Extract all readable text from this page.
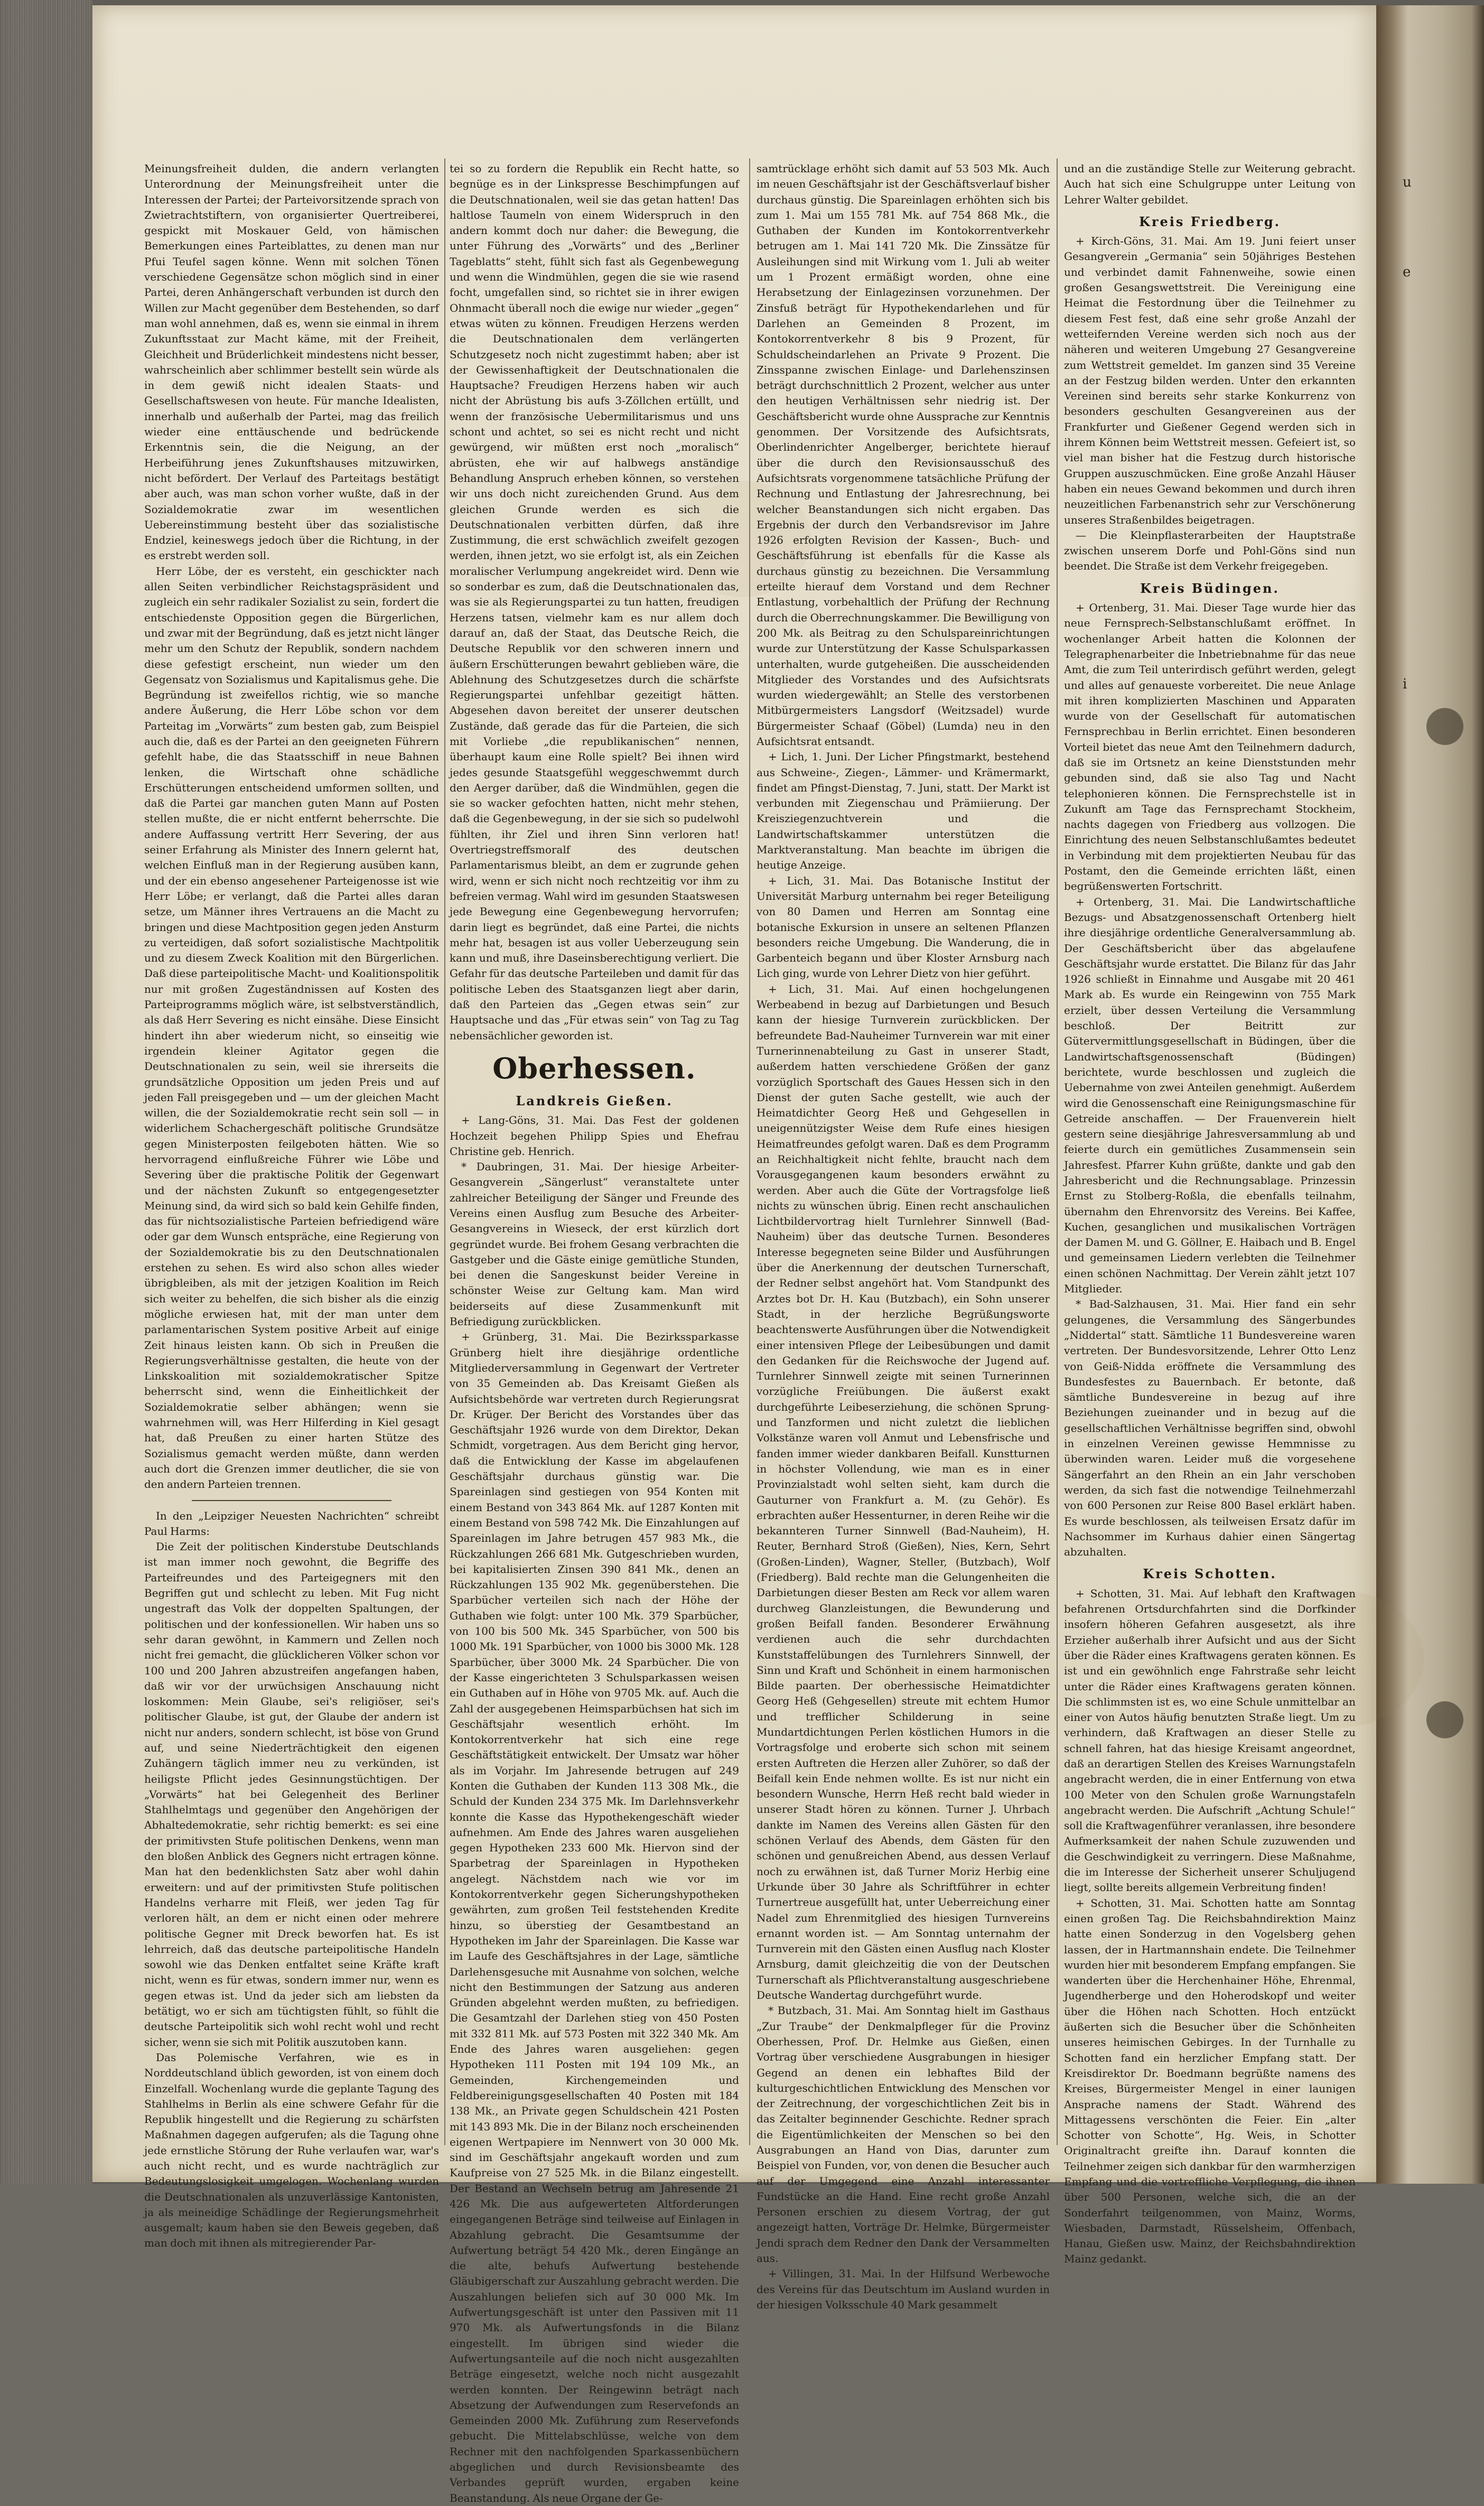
u
e
i

Meinungsfreiheit dulden, die andern verlangten Unterordnung der Meinungsfreiheit unter die Interessen der Partei; der Parteivorsitzende sprach von Zwietrachtstiftern, von organisierter Quertreiberei, gespickt mit Moskauer Geld, von hämischen Bemerkungen eines Parteiblattes, zu denen man nur Pfui Teufel sagen könne. Wenn mit solchen Tönen verschiedene Gegensätze schon möglich sind in einer Partei, deren Anhängerschaft verbunden ist durch den Willen zur Macht gegenüber dem Bestehenden, so darf man wohl annehmen, daß es, wenn sie einmal in ihrem Zukunftsstaat zur Macht käme, mit der Freiheit, Gleichheit und Brüderlichkeit mindestens nicht besser, wahrscheinlich aber schlimmer bestellt sein würde als in dem gewiß nicht idealen Staats- und Gesellschaftswesen von heute. Für manche Idealisten, innerhalb und außerhalb der Partei, mag das freilich wieder eine enttäuschende und bedrückende Erkenntnis sein, die die Neigung, an der Herbeiführung jenes Zukunftshauses mitzuwirken, nicht befördert. Der Verlauf des Parteitags bestätigt aber auch, was man schon vorher wußte, daß in der Sozialdemokratie zwar im wesentlichen Uebereinstimmung besteht über das sozialistische Endziel, keineswegs jedoch über die Richtung, in der es erstrebt werden soll.

Herr Löbe, der es versteht, ein geschickter nach allen Seiten verbindlicher Reichstagspräsident und zugleich ein sehr radikaler Sozialist zu sein, fordert die entschiedenste Opposition gegen die Bürgerlichen, und zwar mit der Begründung, daß es jetzt nicht länger mehr um den Schutz der Republik, sondern nachdem diese gefestigt erscheint, nun wieder um den Gegensatz von Sozialismus und Kapitalismus gehe. Die Begründung ist zweifellos richtig, wie so manche andere Äußerung, die Herr Löbe schon vor dem Parteitag im „Vorwärts“ zum besten gab, zum Beispiel auch die, daß es der Partei an den geeigneten Führern gefehlt habe, die das Staatsschiff in neue Bahnen lenken, die Wirtschaft ohne schädliche Erschütterungen entscheidend umformen sollten, und daß die Partei gar manchen guten Mann auf Posten stellen mußte, die er nicht entfernt beherrschte. Die andere Auffassung vertritt Herr Severing, der aus seiner Erfahrung als Minister des Innern gelernt hat, welchen Einfluß man in der Regierung ausüben kann, und der ein ebenso angesehener Parteigenosse ist wie Herr Löbe; er verlangt, daß die Partei alles daran setze, um Männer ihres Vertrauens an die Macht zu bringen und diese Machtposition gegen jeden Ansturm zu verteidigen, daß sofort sozialistische Machtpolitik und zu diesem Zweck Koalition mit den Bürgerlichen. Daß diese parteipolitische Macht- und Koalitionspolitik nur mit großen Zugeständnissen auf Kosten des Parteiprogramms möglich wäre, ist selbstverständlich, als daß Herr Severing es nicht einsähe. Diese Einsicht hindert ihn aber wiederum nicht, so einseitig wie irgendein kleiner Agitator gegen die Deutschnationalen zu sein, weil sie ihrerseits die grundsätzliche Opposition um jeden Preis und auf jeden Fall preisgegeben und — um der gleichen Macht willen, die der Sozialdemokratie recht sein soll — in widerlichem Schachergeschäft politische Grundsätze gegen Ministerposten feilgeboten hätten. Wie so hervorragend einflußreiche Führer wie Löbe und Severing über die praktische Politik der Gegenwart und der nächsten Zukunft so entgegengesetzter Meinung sind, da wird sich so bald kein Gehilfe finden, das für nichtsozialistische Parteien befriedigend wäre oder gar dem Wunsch entspräche, eine Regierung von der Sozialdemokratie bis zu den Deutschnationalen erstehen zu sehen. Es wird also schon alles wieder übrigbleiben, als mit der jetzigen Koalition im Reich sich weiter zu behelfen, die sich bisher als die einzig mögliche erwiesen hat, mit der man unter dem parlamentarischen System positive Arbeit auf einige Zeit hinaus leisten kann. Ob sich in Preußen die Regierungsverhältnisse gestalten, die heute von der Linkskoalition mit sozialdemokratischer Spitze beherrscht sind, wenn die Einheitlichkeit der Sozialdemokratie selber abhängen; wenn sie wahrnehmen will, was Herr Hilferding in Kiel gesagt hat, daß Preußen zu einer harten Stütze des Sozialismus gemacht werden müßte, dann werden auch dort die Grenzen immer deutlicher, die sie von den andern Parteien trennen.

In den „Leipziger Neuesten Nachrichten“ schreibt Paul Harms:

Die Zeit der politischen Kinderstube Deutschlands ist man immer noch gewohnt, die Begriffe des Parteifreundes und des Parteigegners mit den Begriffen gut und schlecht zu leben. Mit Fug nicht ungestraft das Volk der doppelten Spaltungen, der politischen und der konfessionellen. Wir haben uns so sehr daran gewöhnt, in Kammern und Zellen noch nicht frei gemacht, die glücklicheren Völker schon vor 100 und 200 Jahren abzustreifen angefangen haben, daß wir vor der urwüchsigen Anschauung nicht loskommen: Mein Glaube, sei's religiöser, sei's politischer Glaube, ist gut, der Glaube der andern ist nicht nur anders, sondern schlecht, ist böse von Grund auf, und seine Niederträchtigkeit den eigenen Zuhängern täglich immer neu zu verkünden, ist heiligste Pflicht jedes Gesinnungstüchtigen. Der „Vorwärts“ hat bei Gelegenheit des Berliner Stahlhelmtags und gegenüber den Angehörigen der Abhaltedemokratie, sehr richtig bemerkt: es sei eine der primitivsten Stufe politischen Denkens, wenn man den bloßen Anblick des Gegners nicht ertragen könne. Man hat den bedenklichsten Satz aber wohl dahin erweitern: und auf der primitivsten Stufe politischen Handelns verharre mit Fleiß, wer jeden Tag für verloren hält, an dem er nicht einen oder mehrere politische Gegner mit Dreck beworfen hat. Es ist lehrreich, daß das deutsche parteipolitische Handeln sowohl wie das Denken entfaltet seine Kräfte kraft nicht, wenn es für etwas, sondern immer nur, wenn es gegen etwas ist. Und da jeder sich am liebsten da betätigt, wo er sich am tüchtigsten fühlt, so fühlt die deutsche Parteipolitik sich wohl recht wohl und recht sicher, wenn sie sich mit Politik auszutoben kann.

Das Polemische Verfahren, wie es in Norddeutschland üblich geworden, ist von einem doch Einzelfall. Wochenlang wurde die geplante Tagung des Stahlhelms in Berlin als eine schwere Gefahr für die Republik hingestellt und die Regierung zu schärfsten Maßnahmen dagegen aufgerufen; als die Tagung ohne jede ernstliche Störung der Ruhe verlaufen war, war's auch nicht recht, und es wurde nachträglich zur Bedeutungslosigkeit umgelogen. Wochenlang wurden die Deutschnationalen als unzuverlässige Kantonisten, ja als meineidige Schädlinge der Regierungsmehrheit ausgemalt; kaum haben sie den Beweis gegeben, daß man doch mit ihnen als mitregierender Par-

tei so zu fordern die Republik ein Recht hatte, so begnüge es in der Linkspresse Beschimpfungen auf die Deutschnationalen, weil sie das getan hatten! Das haltlose Taumeln von einem Widerspruch in den andern kommt doch nur daher: die Bewegung, die unter Führung des „Vorwärts“ und des „Berliner Tageblatts“ steht, fühlt sich fast als Gegenbewegung und wenn die Windmühlen, gegen die sie wie rasend focht, umgefallen sind, so richtet sie in ihrer ewigen Ohnmacht überall noch die ewige nur wieder „gegen“ etwas wüten zu können. Freudigen Herzens werden die Deutschnationalen dem verlängerten Schutzgesetz noch nicht zugestimmt haben; aber ist der Gewissenhaftigkeit der Deutschnationalen die Hauptsache? Freudigen Herzens haben wir auch nicht der Abrüstung bis aufs 3-Zöllchen ertüllt, und wenn der französische Uebermilitarismus und uns schont und achtet, so sei es nicht recht und nicht gewürgend, wir müßten erst noch „moralisch“ abrüsten, ehe wir auf halbwegs anständige Behandlung Anspruch erheben können, so verstehen wir uns doch nicht zureichenden Grund. Aus dem gleichen Grunde werden es sich die Deutschnationalen verbitten dürfen, daß ihre Zustimmung, die erst schwächlich zweifelt gezogen werden, ihnen jetzt, wo sie erfolgt ist, als ein Zeichen moralischer Verlumpung angekreidet wird. Denn wie so sonderbar es zum, daß die Deutschnationalen das, was sie als Regierungspartei zu tun hatten, freudigen Herzens tatsen, vielmehr kam es nur allem doch darauf an, daß der Staat, das Deutsche Reich, die Deutsche Republik vor den schweren innern und äußern Erschütterungen bewahrt geblieben wäre, die Ablehnung des Schutzgesetzes durch die schärfste Regierungspartei unfehlbar gezeitigt hätten. Abgesehen davon bereitet der unserer deutschen Zustände, daß gerade das für die Parteien, die sich mit Vorliebe „die republikanischen“ nennen, überhaupt kaum eine Rolle spielt? Bei ihnen wird jedes gesunde Staatsgefühl weggeschwemmt durch den Aerger darüber, daß die Windmühlen, gegen die sie so wacker gefochten hatten, nicht mehr stehen, daß die Gegenbewegung, in der sie sich so pudelwohl fühlten, ihr Ziel und ihren Sinn verloren hat! Overtriegstreffsmoralf des deutschen Parlamentarismus bleibt, an dem er zugrunde gehen wird, wenn er sich nicht noch rechtzeitig vor ihm zu befreien vermag. Wahl wird im gesunden Staatswesen jede Bewegung eine Gegenbewegung hervorrufen; darin liegt es begründet, daß eine Partei, die nichts mehr hat, besagen ist aus voller Ueberzeugung sein kann und muß, ihre Daseinsberechtigung verliert. Die Gefahr für das deutsche Parteileben und damit für das politische Leben des Staatsganzen liegt aber darin, daß den Parteien das „Gegen etwas sein“ zur Hauptsache und das „Für etwas sein“ von Tag zu Tag nebensächlicher geworden ist.

Oberhessen.
Landkreis Gießen.

+ Lang-Göns, 31. Mai. Das Fest der goldenen Hochzeit begehen Philipp Spies und Ehefrau Christine geb. Henrich.

* Daubringen, 31. Mai. Der hiesige Arbeiter-Gesangverein „Sängerlust“ veranstaltete unter zahlreicher Beteiligung der Sänger und Freunde des Vereins einen Ausflug zum Besuche des Arbeiter-Gesangvereins in Wieseck, der erst kürzlich dort gegründet wurde. Bei frohem Gesang verbrachten die Gastgeber und die Gäste einige gemütliche Stunden, bei denen die Sangeskunst beider Vereine in schönster Weise zur Geltung kam. Man wird beiderseits auf diese Zusammenkunft mit Befriedigung zurückblicken.

+ Grünberg, 31. Mai. Die Bezirkssparkasse Grünberg hielt ihre diesjährige ordentliche Mitgliederversammlung in Gegenwart der Vertreter von 35 Gemeinden ab. Das Kreisamt Gießen als Aufsichtsbehörde war vertreten durch Regierungsrat Dr. Krüger. Der Bericht des Vorstandes über das Geschäftsjahr 1926 wurde von dem Direktor, Dekan Schmidt, vorgetragen. Aus dem Bericht ging hervor, daß die Entwicklung der Kasse im abgelaufenen Geschäftsjahr durchaus günstig war. Die Spareinlagen sind gestiegen von 954 Konten mit einem Bestand von 343 864 Mk. auf 1287 Konten mit einem Bestand von 598 742 Mk. Die Einzahlungen auf Spareinlagen im Jahre betrugen 457 983 Mk., die Rückzahlungen 266 681 Mk. Gutgeschrieben wurden, bei kapitalisierten Zinsen 390 841 Mk., denen an Rückzahlungen 135 902 Mk. gegenüberstehen. Die Sparbücher verteilen sich nach der Höhe der Guthaben wie folgt: unter 100 Mk. 379 Sparbücher, von 100 bis 500 Mk. 345 Sparbücher, von 500 bis 1000 Mk. 191 Sparbücher, von 1000 bis 3000 Mk. 128 Sparbücher, über 3000 Mk. 24 Sparbücher. Die von der Kasse eingerichteten 3 Schulsparkassen weisen ein Guthaben auf in Höhe von 9705 Mk. auf. Auch die Zahl der ausgegebenen Heimsparbüchsen hat sich im Geschäftsjahr wesentlich erhöht. Im Kontokorrentverkehr hat sich eine rege Geschäftstätigkeit entwickelt. Der Umsatz war höher als im Vorjahr. Im Jahresende betrugen auf 249 Konten die Guthaben der Kunden 113 308 Mk., die Schuld der Kunden 234 375 Mk. Im Darlehnsverkehr konnte die Kasse das Hypothekengeschäft wieder aufnehmen. Am Ende des Jahres waren ausgeliehen gegen Hypotheken 233 600 Mk. Hiervon sind der Sparbetrag der Spareinlagen in Hypotheken angelegt. Nächstdem nach wie vor im Kontokorrentverkehr gegen Sicherungshypotheken gewährten, zum großen Teil feststehenden Kredite hinzu, so überstieg der Gesamtbestand an Hypotheken im Jahr der Spareinlagen. Die Kasse war im Laufe des Geschäftsjahres in der Lage, sämtliche Darlehensgesuche mit Ausnahme von solchen, welche nicht den Bestimmungen der Satzung aus anderen Gründen abgelehnt werden mußten, zu befriedigen. Die Gesamtzahl der Darlehen stieg von 450 Posten mit 332 811 Mk. auf 573 Posten mit 322 340 Mk. Am Ende des Jahres waren ausgeliehen: gegen Hypotheken 111 Posten mit 194 109 Mk., an Gemeinden, Kirchengemeinden und Feldbereinigungsgesellschaften 40 Posten mit 184 138 Mk., an Private gegen Schuldschein 421 Posten mit 143 893 Mk. Die in der Bilanz noch erscheinenden eigenen Wertpapiere im Nennwert von 30 000 Mk. sind im Geschäftsjahr angekauft worden und zum Kaufpreise von 27 525 Mk. in die Bilanz eingestellt. Der Bestand an Wechseln betrug am Jahresende 21 426 Mk. Die aus aufgewerteten Altforderungen eingegangenen Beträge sind teilweise auf Einlagen in Abzahlung gebracht. Die Gesamtsumme der Aufwertung beträgt 54 420 Mk., deren Eingänge an die alte, behufs Aufwertung bestehende Gläubigerschaft zur Auszahlung gebracht werden. Die Auszahlungen beliefen sich auf 30 000 Mk. Im Aufwertungsgeschäft ist unter den Passiven mit 11 970 Mk. als Aufwertungsfonds in die Bilanz eingestellt. Im übrigen sind wieder die Aufwertungsanteile auf die noch nicht ausgezahlten Beträge eingesetzt, welche noch nicht ausgezahlt werden konnten. Der Reingewinn beträgt nach Absetzung der Aufwendungen zum Reservefonds an Gemeinden 2000 Mk. Zuführung zum Reservefonds gebucht. Die Mittelabschlüsse, welche von dem Rechner mit den nachfolgenden Sparkassenbüchern abgeglichen und durch Revisionsbeamte des Verbandes geprüft wurden, ergaben keine Beanstandung. Als neue Organe der Ge-

samtrücklage erhöht sich damit auf 53 503 Mk. Auch im neuen Geschäftsjahr ist der Geschäftsverlauf bisher durchaus günstig. Die Spareinlagen erhöhten sich bis zum 1. Mai um 155 781 Mk. auf 754 868 Mk., die Guthaben der Kunden im Kontokorrentverkehr betrugen am 1. Mai 141 720 Mk. Die Zinssätze für Ausleihungen sind mit Wirkung vom 1. Juli ab weiter um 1 Prozent ermäßigt worden, ohne eine Herabsetzung der Einlagezinsen vorzunehmen. Der Zinsfuß beträgt für Hypothekendarlehen und für Darlehen an Gemeinden 8 Prozent, im Kontokorrentverkehr 8 bis 9 Prozent, für Schuldscheindarlehen an Private 9 Prozent. Die Zinsspanne zwischen Einlage- und Darlehenszinsen beträgt durchschnittlich 2 Prozent, welcher aus unter den heutigen Verhältnissen sehr niedrig ist. Der Geschäftsbericht wurde ohne Aussprache zur Kenntnis genommen. Der Vorsitzende des Aufsichtsrats, Oberlindenrichter Angelberger, berichtete hierauf über die durch den Revisionsausschuß des Aufsichtsrats vorgenommene tatsächliche Prüfung der Rechnung und Entlastung der Jahresrechnung, bei welcher Beanstandungen sich nicht ergaben. Das Ergebnis der durch den Verbandsrevisor im Jahre 1926 erfolgten Revision der Kassen-, Buch- und Geschäftsführung ist ebenfalls für die Kasse als durchaus günstig zu bezeichnen. Die Versammlung erteilte hierauf dem Vorstand und dem Rechner Entlastung, vorbehaltlich der Prüfung der Rechnung durch die Oberrechnungskammer. Die Bewilligung von 200 Mk. als Beitrag zu den Schulspareinrichtungen wurde zur Unterstützung der Kasse Schulsparkassen unterhalten, wurde gutgeheißen. Die ausscheidenden Mitglieder des Vorstandes und des Aufsichtsrats wurden wiedergewählt; an Stelle des verstorbenen Mitbürgermeisters Langsdorf (Weitzsadel) wurde Bürgermeister Schaaf (Göbel) (Lumda) neu in den Aufsichtsrat entsandt.

+ Lich, 1. Juni. Der Licher Pfingstmarkt, bestehend aus Schweine-, Ziegen-, Lämmer- und Krämermarkt, findet am Pfingst-Dienstag, 7. Juni, statt. Der Markt ist verbunden mit Ziegenschau und Prämiierung. Der Kreisziegenzuchtverein und die Landwirtschaftskammer unterstützen die Marktveranstaltung. Man beachte im übrigen die heutige Anzeige.

+ Lich, 31. Mai. Das Botanische Institut der Universität Marburg unternahm bei reger Beteiligung von 80 Damen und Herren am Sonntag eine botanische Exkursion in unsere an seltenen Pflanzen besonders reiche Umgebung. Die Wanderung, die in Garbenteich begann und über Kloster Arnsburg nach Lich ging, wurde von Lehrer Dietz von hier geführt.

+ Lich, 31. Mai. Auf einen hochgelungenen Werbeabend in bezug auf Darbietungen und Besuch kann der hiesige Turnverein zurückblicken. Der befreundete Bad-Nauheimer Turnverein war mit einer Turnerinnenabteilung zu Gast in unserer Stadt, außerdem hatten verschiedene Größen der ganz vorzüglich Sportschaft des Gaues Hessen sich in den Dienst der guten Sache gestellt, wie auch der Heimatdichter Georg Heß und Gehgesellen in uneigennützigster Weise dem Rufe eines hiesigen Heimatfreundes gefolgt waren. Daß es dem Programm an Reichhaltigkeit nicht fehlte, braucht nach dem Vorausgegangenen kaum besonders erwähnt zu werden. Aber auch die Güte der Vortragsfolge ließ nichts zu wünschen übrig. Einen recht anschaulichen Lichtbildervortrag hielt Turnlehrer Sinnwell (Bad-Nauheim) über das deutsche Turnen. Besonderes Interesse begegneten seine Bilder und Ausführungen über die Anerkennung der deutschen Turnerschaft, der Redner selbst angehört hat. Vom Standpunkt des Arztes bot Dr. H. Kau (Butzbach), ein Sohn unserer Stadt, in der herzliche Begrüßungsworte beachtenswerte Ausführungen über die Notwendigkeit einer intensiven Pflege der Leibesübungen und damit den Gedanken für die Reichswoche der Jugend auf. Turnlehrer Sinnwell zeigte mit seinen Turnerinnen vorzügliche Freiübungen. Die äußerst exakt durchgeführte Leibeserziehung, die schönen Sprung- und Tanzformen und nicht zuletzt die lieblichen Volkstänze waren voll Anmut und Lebensfrische und fanden immer wieder dankbaren Beifall. Kunstturnen in höchster Vollendung, wie man es in einer Provinzialstadt wohl selten sieht, kam durch die Gauturner von Frankfurt a. M. (zu Gehör). Es erbrachten außer Hessenturner, in deren Reihe wir die bekannteren Turner Sinnwell (Bad-Nauheim), H. Reuter, Bernhard Stroß (Gießen), Nies, Kern, Sehrt (Großen-Linden), Wagner, Steller, (Butzbach), Wolf (Friedberg). Bald rechte man die Gelungenheiten die Darbietungen dieser Besten am Reck vor allem waren durchweg Glanzleistungen, die Bewunderung und großen Beifall fanden. Besonderer Erwähnung verdienen auch die sehr durchdachten Kunststaffelübungen des Turnlehrers Sinnwell, der Sinn und Kraft und Schönheit in einem harmonischen Bilde paarten. Der oberhessische Heimatdichter Georg Heß (Gehgesellen) streute mit echtem Humor und trefflicher Schilderung in seine Mundartdichtungen Perlen köstlichen Humors in die Vortragsfolge und eroberte sich schon mit seinem ersten Auftreten die Herzen aller Zuhörer, so daß der Beifall kein Ende nehmen wollte. Es ist nur nicht ein besondern Wunsche, Herrn Heß recht bald wieder in unserer Stadt hören zu können. Turner J. Uhrbach dankte im Namen des Vereins allen Gästen für den schönen Verlauf des Abends, dem Gästen für den schönen und genußreichen Abend, aus dessen Verlauf noch zu erwähnen ist, daß Turner Moriz Herbig eine Urkunde über 30 Jahre als Schriftführer in echter Turnertreue ausgefüllt hat, unter Ueberreichung einer Nadel zum Ehrenmitglied des hiesigen Turnvereins ernannt worden ist. — Am Sonntag unternahm der Turnverein mit den Gästen einen Ausflug nach Kloster Arnsburg, damit gleichzeitig die von der Deutschen Turnerschaft als Pflichtveranstaltung ausgeschriebene Deutsche Wandertag durchgeführt wurde.

* Butzbach, 31. Mai. Am Sonntag hielt im Gasthaus „Zur Traube“ der Denkmalpfleger für die Provinz Oberhessen, Prof. Dr. Helmke aus Gießen, einen Vortrag über verschiedene Ausgrabungen in hiesiger Gegend an denen ein lebhaftes Bild der kulturgeschichtlichen Entwicklung des Menschen vor der Zeitrechnung, der vorgeschichtlichen Zeit bis in das Zeitalter beginnender Geschichte. Redner sprach die Eigentümlichkeiten der Menschen so bei den Ausgrabungen an Hand von Dias, darunter zum Beispiel von Funden, vor, von denen die Besucher auch auf der Umgegend eine Anzahl interessanter Fundstücke an die Hand. Eine recht große Anzahl Personen erschien zu diesem Vortrag, der gut angezeigt hatten, Vorträge Dr. Helmke, Bürgermeister Jendi sprach dem Redner den Dank der Versammelten aus.

+ Villingen, 31. Mai. In der Hilfsund Werbewoche des Vereins für das Deutschtum im Ausland wurden in der hiesigen Volksschule 40 Mark gesammelt

und an die zuständige Stelle zur Weiterung gebracht. Auch hat sich eine Schulgruppe unter Leitung von Lehrer Walter gebildet.

Kreis Friedberg.

+ Kirch-Göns, 31. Mai. Am 19. Juni feiert unser Gesangverein „Germania“ sein 50jähriges Bestehen und verbindet damit Fahnenweihe, sowie einen großen Gesangswettstreit. Die Vereinigung eine Heimat die Festordnung über die Teilnehmer zu diesem Fest fest, daß eine sehr große Anzahl der wetteifernden Vereine werden sich noch aus der näheren und weiteren Umgebung 27 Gesangvereine zum Wettstreit gemeldet. Im ganzen sind 35 Vereine an der Festzug bilden werden. Unter den erkannten Vereinen sind bereits sehr starke Konkurrenz von besonders geschulten Gesangvereinen aus der Frankfurter und Gießener Gegend werden sich in ihrem Können beim Wettstreit messen. Gefeiert ist, so viel man bisher hat die Festzug durch historische Gruppen auszuschmücken. Eine große Anzahl Häuser haben ein neues Gewand bekommen und durch ihren neuzeitlichen Farbenanstrich sehr zur Verschönerung unseres Straßenbildes beigetragen.

— Die Kleinpflasterarbeiten der Hauptstraße zwischen unserem Dorfe und Pohl-Göns sind nun beendet. Die Straße ist dem Verkehr freigegeben.

Kreis Büdingen.

+ Ortenberg, 31. Mai. Dieser Tage wurde hier das neue Fernsprech-Selbstanschlußamt eröffnet. In wochenlanger Arbeit hatten die Kolonnen der Telegraphenarbeiter die Inbetriebnahme für das neue Amt, die zum Teil unterirdisch geführt werden, gelegt und alles auf genaueste vorbereitet. Die neue Anlage mit ihren komplizierten Maschinen und Apparaten wurde von der Gesellschaft für automatischen Fernsprechbau in Berlin errichtet. Einen besonderen Vorteil bietet das neue Amt den Teilnehmern dadurch, daß sie im Ortsnetz an keine Dienststunden mehr gebunden sind, daß sie also Tag und Nacht telephonieren können. Die Fernsprechstelle ist in Zukunft am Tage das Fernsprechamt Stockheim, nachts dagegen von Friedberg aus vollzogen. Die Einrichtung des neuen Selbstanschlußamtes bedeutet in Verbindung mit dem projektierten Neubau für das Postamt, den die Gemeinde errichten läßt, einen begrüßenswerten Fortschritt.

+ Ortenberg, 31. Mai. Die Landwirtschaftliche Bezugs- und Absatzgenossenschaft Ortenberg hielt ihre diesjährige ordentliche Generalversammlung ab. Der Geschäftsbericht über das abgelaufene Geschäftsjahr wurde erstattet. Die Bilanz für das Jahr 1926 schließt in Einnahme und Ausgabe mit 20 461 Mark ab. Es wurde ein Reingewinn von 755 Mark erzielt, über dessen Verteilung die Versammlung beschloß. Der Beitritt zur Gütervermittlungsgesellschaft in Büdingen, über die Landwirtschaftsgenossenschaft (Büdingen) berichtete, wurde beschlossen und zugleich die Uebernahme von zwei Anteilen genehmigt. Außerdem wird die Genossenschaft eine Reinigungsmaschine für Getreide anschaffen. — Der Frauenverein hielt gestern seine diesjährige Jahresversammlung ab und feierte durch ein gemütliches Zusammensein sein Jahresfest. Pfarrer Kuhn grüßte, dankte und gab den Jahresbericht und die Rechnungsablage. Prinzessin Ernst zu Stolberg-Roßla, die ebenfalls teilnahm, übernahm den Ehrenvorsitz des Vereins. Bei Kaffee, Kuchen, gesanglichen und musikalischen Vorträgen der Damen M. und G. Göllner, E. Haibach und B. Engel und gemeinsamen Liedern verlebten die Teilnehmer einen schönen Nachmittag. Der Verein zählt jetzt 107 Mitglieder.

* Bad-Salzhausen, 31. Mai. Hier fand ein sehr gelungenes, die Versammlung des Sängerbundes „Niddertal“ statt. Sämtliche 11 Bundesvereine waren vertreten. Der Bundesvorsitzende, Lehrer Otto Lenz von Geiß-Nidda eröffnete die Versammlung des Bundesfestes zu Bauernbach. Er betonte, daß sämtliche Bundesvereine in bezug auf ihre Beziehungen zueinander und in bezug auf die gesellschaftlichen Verhältnisse begriffen sind, obwohl in einzelnen Vereinen gewisse Hemmnisse zu überwinden waren. Leider muß die vorgesehene Sängerfahrt an den Rhein an ein Jahr verschoben werden, da sich fast die notwendige Teilnehmerzahl von 600 Personen zur Reise 800 Basel erklärt haben. Es wurde beschlossen, als teilweisen Ersatz dafür im Nachsommer im Kurhaus dahier einen Sängertag abzuhalten.

Kreis Schotten.

+ Schotten, 31. Mai. Auf lebhaft den Kraftwagen befahrenen Ortsdurchfahrten sind die Dorfkinder insofern höheren Gefahren ausgesetzt, als ihre Erzieher außerhalb ihrer Aufsicht und aus der Sicht über die Räder eines Kraftwagens geraten können. Es ist und ein gewöhnlich enge Fahrstraße sehr leicht unter die Räder eines Kraftwagens geraten können. Die schlimmsten ist es, wo eine Schule unmittelbar an einer von Autos häufig benutzten Straße liegt. Um zu verhindern, daß Kraftwagen an dieser Stelle zu schnell fahren, hat das hiesige Kreisamt angeordnet, daß an derartigen Stellen des Kreises Warnungstafeln angebracht werden, die in einer Entfernung von etwa 100 Meter von den Schulen große Warnungstafeln angebracht werden. Die Aufschrift „Achtung Schule!“ soll die Kraftwagenführer veranlassen, ihre besondere Aufmerksamkeit der nahen Schule zuzuwenden und die Geschwindigkeit zu verringern. Diese Maßnahme, die im Interesse der Sicherheit unserer Schuljugend liegt, sollte bereits allgemein Verbreitung finden!

+ Schotten, 31. Mai. Schotten hatte am Sonntag einen großen Tag. Die Reichsbahndirektion Mainz hatte einen Sonderzug in den Vogelsberg gehen lassen, der in Hartmannshain endete. Die Teilnehmer wurden hier mit besonderem Empfang empfangen. Sie wanderten über die Herchenhainer Höhe, Ehrenmal, Jugendherberge und den Hoherodskopf und weiter über die Höhen nach Schotten. Hoch entzückt äußerten sich die Besucher über die Schönheiten unseres heimischen Gebirges. In der Turnhalle zu Schotten fand ein herzlicher Empfang statt. Der Kreisdirektor Dr. Boedmann begrüßte namens des Kreises, Bürgermeister Mengel in einer launigen Ansprache namens der Stadt. Während des Mittagessens verschönten die Feier. Ein „alter Schotter von Schotte“, Hg. Weis, in Schotter Originaltracht greifte ihn. Darauf konnten die Teilnehmer zeigen sich dankbar für den warmherzigen Empfang und die vortreffliche Verpflegung, die ihnen über 500 Personen, welche sich, die an der Sonderfahrt teilgenommen, von Mainz, Worms, Wiesbaden, Darmstadt, Rüsselsheim, Offenbach, Hanau, Gießen usw. Mainz, der Reichsbahndirektion Mainz gedankt.
